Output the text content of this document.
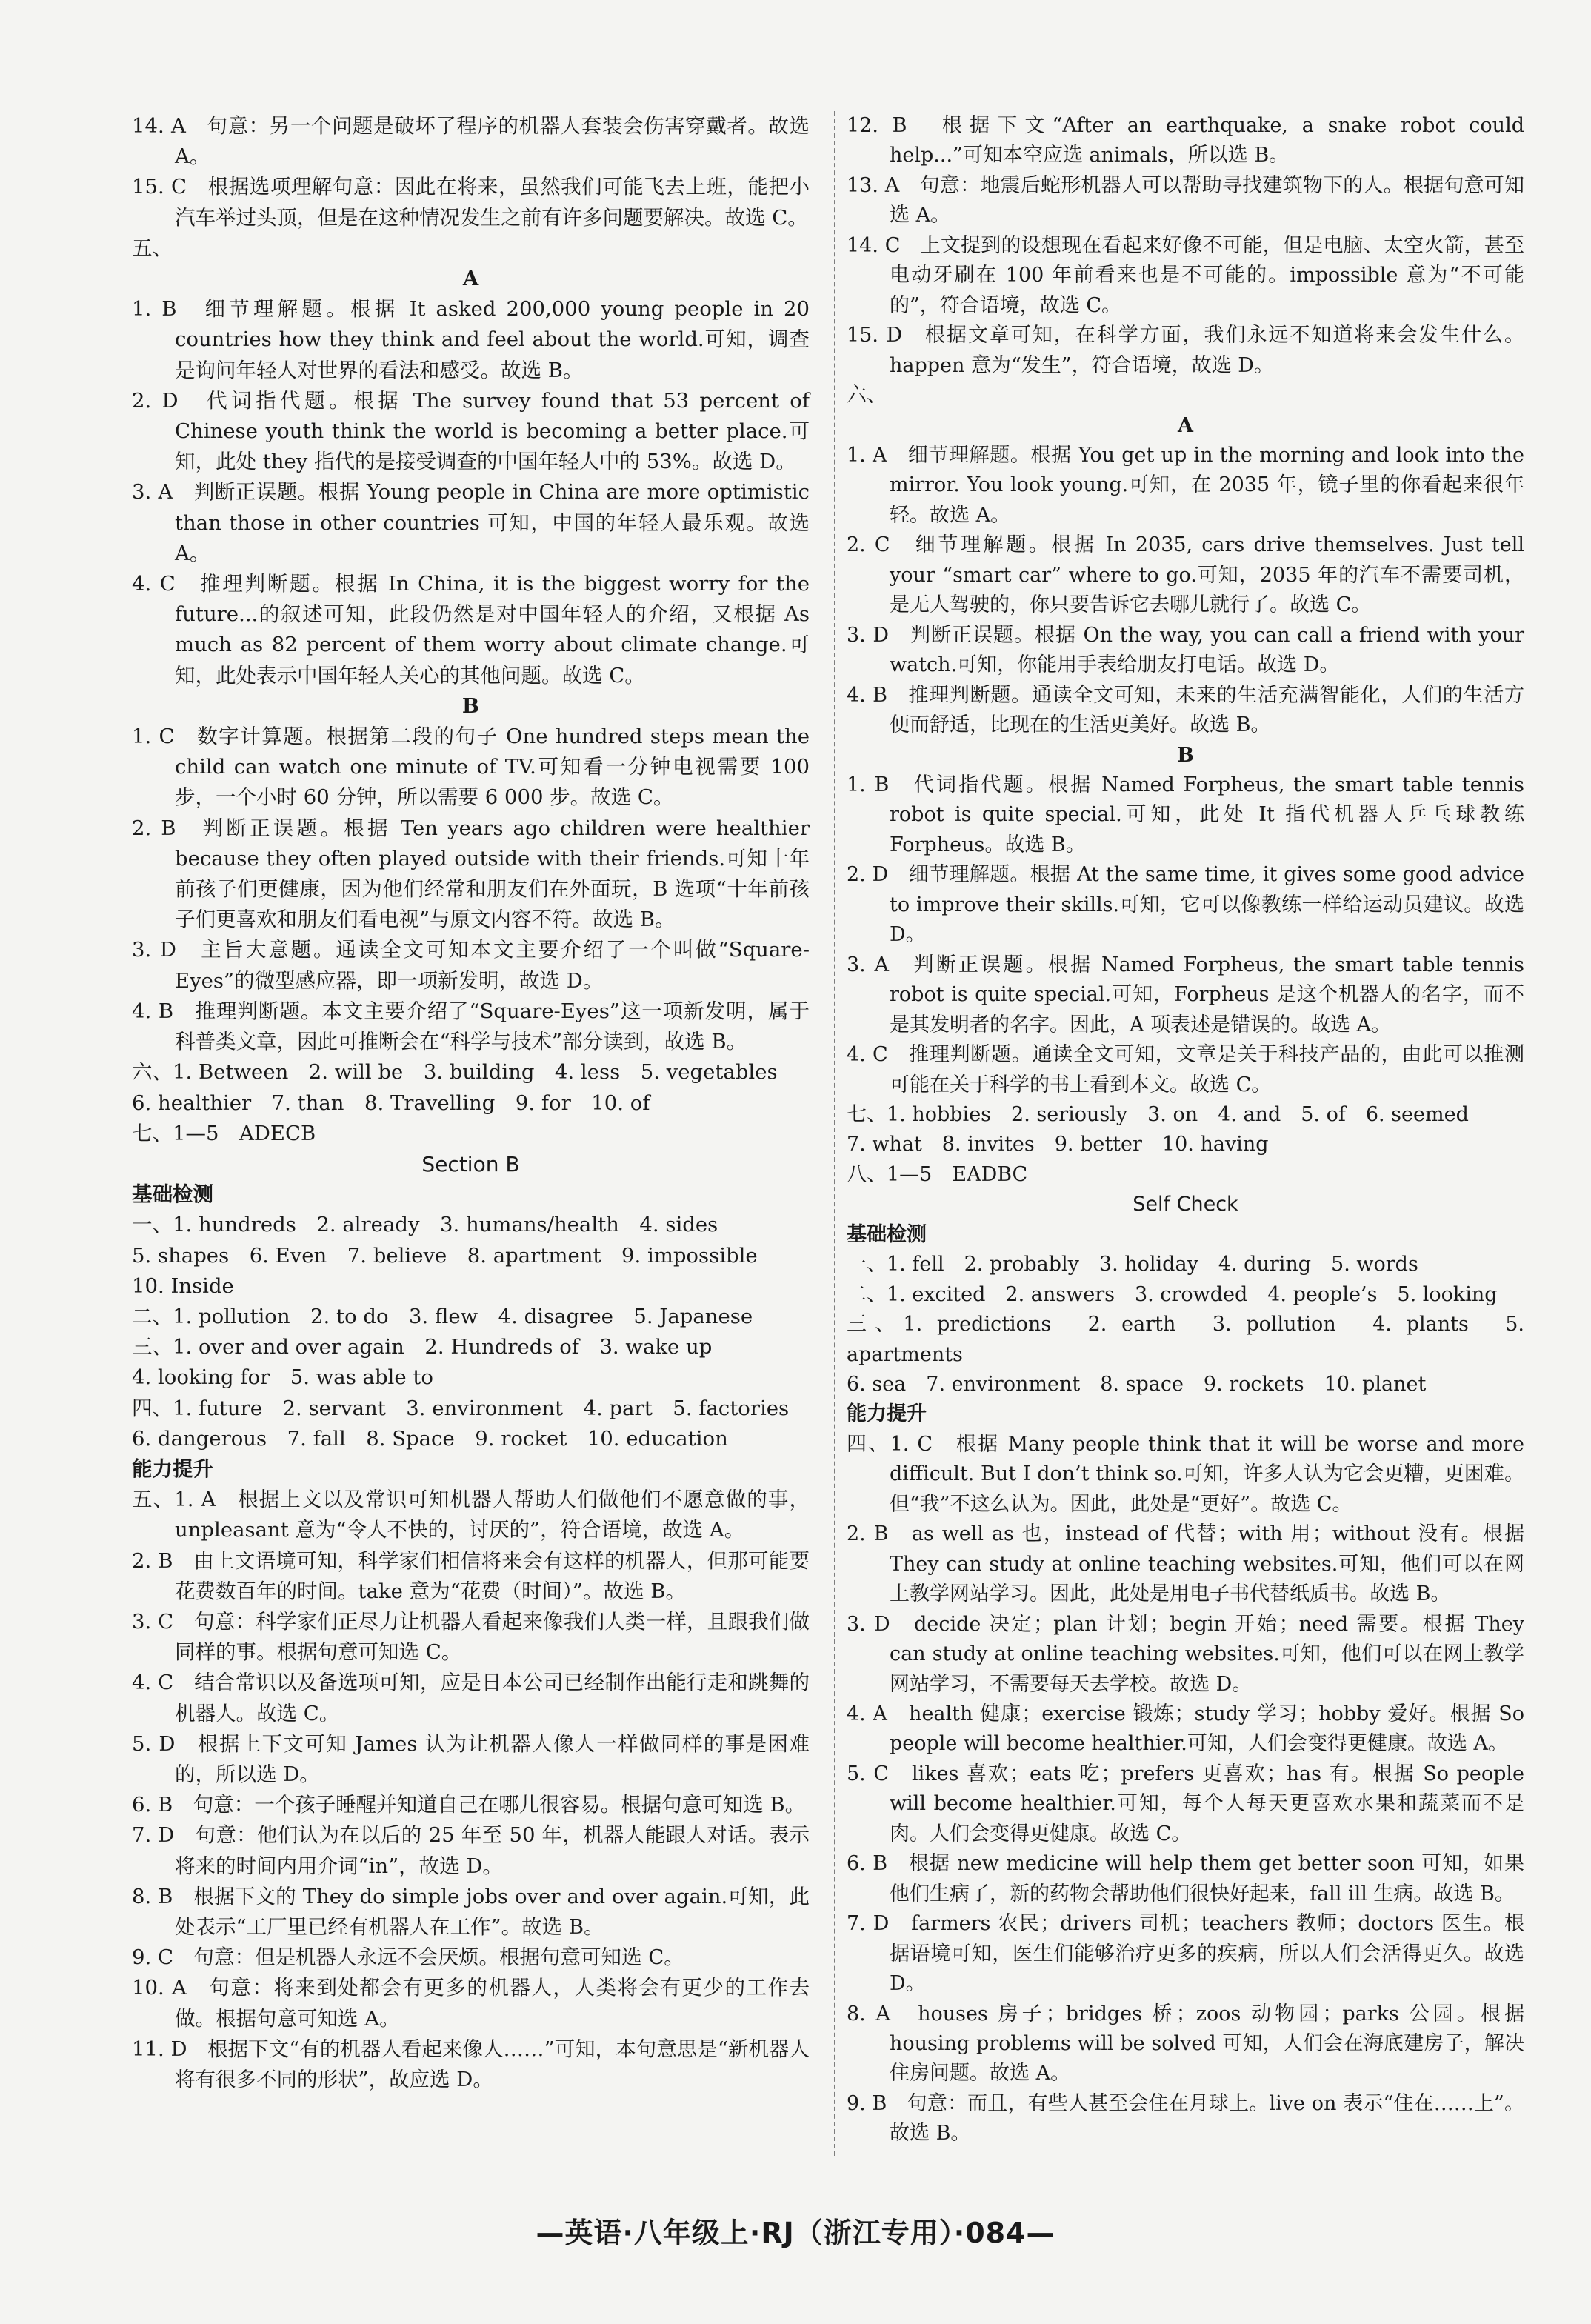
14. A　句意：另一个问题是破坏了程序的机器人套装会伤害穿戴者。故选 A。

15. C　根据选项理解句意：因此在将来，虽然我们可能飞去上班，能把小汽车举过头顶，但是在这种情况发生之前有许多问题要解决。故选 C。

五、

A

1. B　细节理解题。根据 It asked 200,000 young people in 20 countries how they think and feel about the world.可知，调查是询问年轻人对世界的看法和感受。故选 B。

2. D　代词指代题。根据 The survey found that 53 percent of Chinese youth think the world is becoming a better place.可知，此处 they 指代的是接受调查的中国年轻人中的 53%。故选 D。

3. A　判断正误题。根据 Young people in China are more optimistic than those in other countries 可知，中国的年轻人最乐观。故选 A。

4. C　推理判断题。根据 In China, it is the biggest worry for the future...的叙述可知，此段仍然是对中国年轻人的介绍，又根据 As much as 82 percent of them worry about climate change.可知，此处表示中国年轻人关心的其他问题。故选 C。

B

1. C　数字计算题。根据第二段的句子 One hundred steps mean the child can watch one minute of TV.可知看一分钟电视需要 100 步，一个小时 60 分钟，所以需要 6 000 步。故选 C。

2. B　判断正误题。根据 Ten years ago children were healthier because they often played outside with their friends.可知十年前孩子们更健康，因为他们经常和朋友们在外面玩，B 选项“十年前孩子们更喜欢和朋友们看电视”与原文内容不符。故选 B。

3. D　主旨大意题。通读全文可知本文主要介绍了一个叫做“Square-Eyes”的微型感应器，即一项新发明，故选 D。

4. B　推理判断题。本文主要介绍了“Square-Eyes”这一项新发明，属于科普类文章，因此可推断会在“科学与技术”部分读到，故选 B。

六、1. Between　2. will be　3. building　4. less　5. vegetables

6. healthier　7. than　8. Travelling　9. for　10. of

七、1—5　ADECB

Section B

基础检测

一、1. hundreds　2. already　3. humans/health　4. sides

5. shapes　6. Even　7. believe　8. apartment　9. impossible

10. Inside

二、1. pollution　2. to do　3. flew　4. disagree　5. Japanese

三、1. over and over again　2. Hundreds of　3. wake up

4. looking for　5. was able to

四、1. future　2. servant　3. environment　4. part　5. factories

6. dangerous　7. fall　8. Space　9. rocket　10. education

能力提升

五、1. A　根据上文以及常识可知机器人帮助人们做他们不愿意做的事，unpleasant 意为“令人不快的，讨厌的”，符合语境，故选 A。

2. B　由上文语境可知，科学家们相信将来会有这样的机器人，但那可能要花费数百年的时间。take 意为“花费（时间）”。故选 B。

3. C　句意：科学家们正尽力让机器人看起来像我们人类一样，且跟我们做同样的事。根据句意可知选 C。

4. C　结合常识以及备选项可知，应是日本公司已经制作出能行走和跳舞的机器人。故选 C。

5. D　根据上下文可知 James 认为让机器人像人一样做同样的事是困难的，所以选 D。

6. B　句意：一个孩子睡醒并知道自己在哪儿很容易。根据句意可知选 B。

7. D　句意：他们认为在以后的 25 年至 50 年，机器人能跟人对话。表示将来的时间内用介词“in”，故选 D。

8. B　根据下文的 They do simple jobs over and over again.可知，此处表示“工厂里已经有机器人在工作”。故选 B。

9. C　句意：但是机器人永远不会厌烦。根据句意可知选 C。

10. A　句意：将来到处都会有更多的机器人，人类将会有更少的工作去做。根据句意可知选 A。

11. D　根据下文“有的机器人看起来像人……”可知，本句意思是“新机器人将有很多不同的形状”，故应选 D。

12. B　根据下文“After an earthquake, a snake robot could help...”可知本空应选 animals，所以选 B。

13. A　句意：地震后蛇形机器人可以帮助寻找建筑物下的人。根据句意可知选 A。

14. C　上文提到的设想现在看起来好像不可能，但是电脑、太空火箭，甚至电动牙刷在 100 年前看来也是不可能的。impossible 意为“不可能的”，符合语境，故选 C。

15. D　根据文章可知，在科学方面，我们永远不知道将来会发生什么。happen 意为“发生”，符合语境，故选 D。

六、

A

1. A　细节理解题。根据 You get up in the morning and look into the mirror. You look young.可知，在 2035 年，镜子里的你看起来很年轻。故选 A。

2. C　细节理解题。根据 In 2035, cars drive themselves. Just tell your “smart car” where to go.可知，2035 年的汽车不需要司机，是无人驾驶的，你只要告诉它去哪儿就行了。故选 C。

3. D　判断正误题。根据 On the way, you can call a friend with your watch.可知，你能用手表给朋友打电话。故选 D。

4. B　推理判断题。通读全文可知，未来的生活充满智能化，人们的生活方便而舒适，比现在的生活更美好。故选 B。

B

1. B　代词指代题。根据 Named Forpheus, the smart table tennis robot is quite special.可知，此处 It 指代机器人乒乓球教练 Forpheus。故选 B。

2. D　细节理解题。根据 At the same time, it gives some good advice to improve their skills.可知，它可以像教练一样给运动员建议。故选 D。

3. A　判断正误题。根据 Named Forpheus, the smart table tennis robot is quite special.可知，Forpheus 是这个机器人的名字，而不是其发明者的名字。因此，A 项表述是错误的。故选 A。

4. C　推理判断题。通读全文可知，文章是关于科技产品的，由此可以推测可能在关于科学的书上看到本文。故选 C。

七、1. hobbies　2. seriously　3. on　4. and　5. of　6. seemed

7. what　8. invites　9. better　10. having

八、1—5　EADBC

Self Check

基础检测

一、1. fell　2. probably　3. holiday　4. during　5. words

二、1. excited　2. answers　3. crowded　4. people’s　5. looking

三、1. predictions　2. earth　3. pollution　4. plants　5. apartments

6. sea　7. environment　8. space　9. rockets　10. planet

能力提升

四、1. C　根据 Many people think that it will be worse and more difficult. But I don’t think so.可知，许多人认为它会更糟，更困难。但“我”不这么认为。因此，此处是“更好”。故选 C。

2. B　as well as 也，instead of 代替；with 用；without 没有。根据 They can study at online teaching websites.可知，他们可以在网上教学网站学习。因此，此处是用电子书代替纸质书。故选 B。

3. D　decide 决定；plan 计划；begin 开始；need 需要。根据 They can study at online teaching websites.可知，他们可以在网上教学网站学习，不需要每天去学校。故选 D。

4. A　health 健康；exercise 锻炼；study 学习；hobby 爱好。根据 So people will become healthier.可知，人们会变得更健康。故选 A。

5. C　likes 喜欢；eats 吃；prefers 更喜欢；has 有。根据 So people will become healthier.可知，每个人每天更喜欢水果和蔬菜而不是肉。人们会变得更健康。故选 C。

6. B　根据 new medicine will help them get better soon 可知，如果他们生病了，新的药物会帮助他们很快好起来，fall ill 生病。故选 B。

7. D　farmers 农民；drivers 司机；teachers 教师；doctors 医生。根据语境可知，医生们能够治疗更多的疾病，所以人们会活得更久。故选 D。

8. A　houses 房子；bridges 桥；zoos 动物园；parks 公园。根据 housing problems will be solved 可知，人们会在海底建房子，解决住房问题。故选 A。

9. B　句意：而且，有些人甚至会住在月球上。live on 表示“住在……上”。故选 B。

—英语·八年级上·RJ（浙江专用）·084—
